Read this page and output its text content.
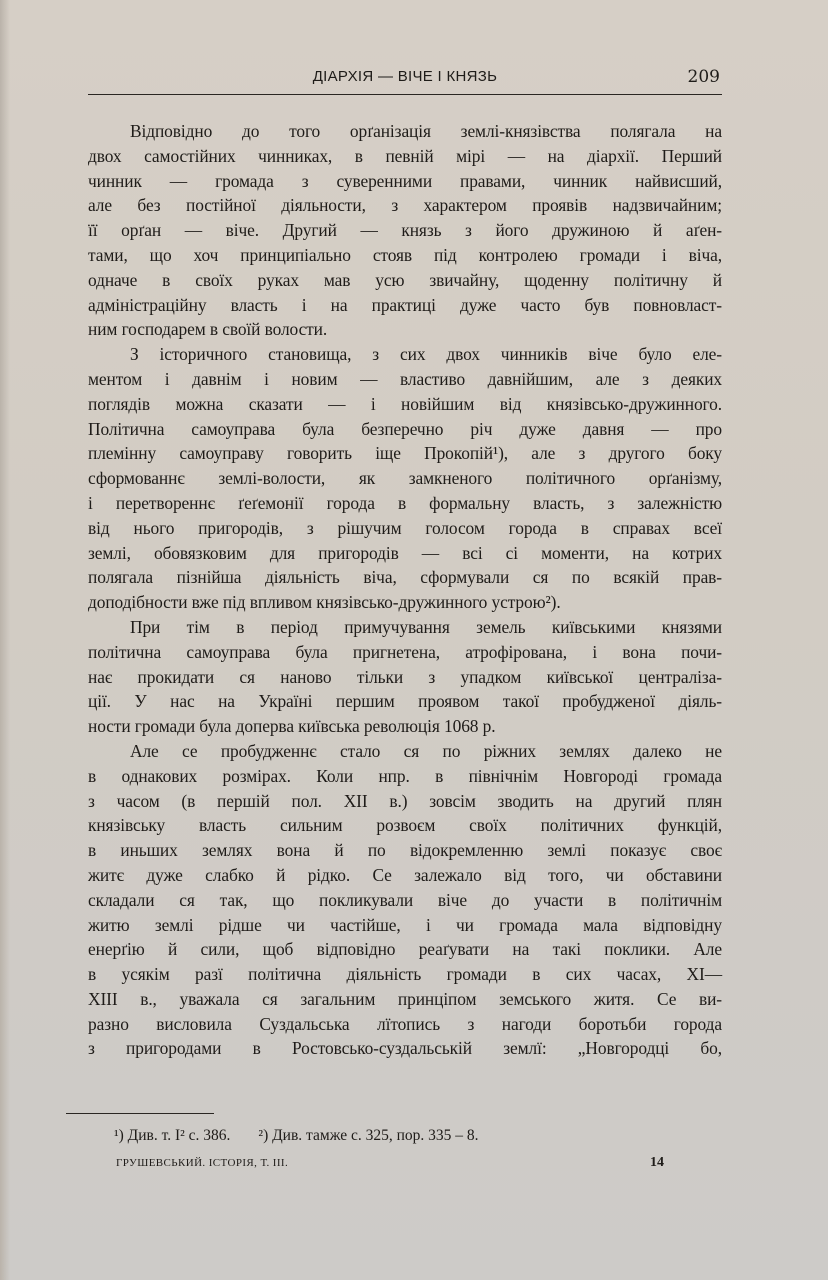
ДІАРХІЯ — ВІЧЕ І КНЯЗЬ	209
Відповідно до того орґанізація землі-князівства полягала на
двох самостійних чинниках, в певній мірі — на діархії. Перший
чинник — громада з суверенними правами, чинник найвисший,
але без постійної діяльности, з характером проявів надзвичайним;
її орґан — віче. Другий — князь з його дружиною й аґен-
тами, що хоч принципіально стояв під контролею громади і віча,
одначе в своїх руках мав усю звичайну, щоденну політичну й
адміністраційну власть і на практиці дуже часто був повновласт-
ним господарем в своїй волости.
З історичного становища, з сих двох чинників віче було еле-
ментом і давнім і новим — властиво давнійшим, але з деяких
поглядів можна сказати — і новійшим від князівсько-дружинного.
Політична самоуправа була безперечно річ дуже давня — про
племінну самоуправу говорить іще Прокопій¹), але з другого боку
сформованнє землі-волости, як замкненого політичного орґанізму,
і перетвореннє ґеґемонії города в формальну власть, з залежністю
від нього пригородів, з рішучим голосом города в справах всеї
землі, обовязковим для пригородів — всі сі моменти, на котрих
полягала пізнійша діяльність віча, сформували ся по всякій прав-
доподібности вже під впливом князівсько-дружинного устрою²).
При тім в період примучування земель київськими князями
політична самоуправа була пригнетена, атрофірована, і вона почи-
нає прокидати ся наново тільки з упадком київської централіза-
ції. У нас на Україні першим проявом такої пробудженої діяль-
ности громади була доперва київська революція 1068 р.
Але се пробудженнє стало ся по ріжних землях далеко не
в однакових розмірах. Коли нпр. в північнім Новгороді громада
з часом (в першій пол. XII в.) зовсім зводить на другий плян
князівську власть сильним розвоєм своїх політичних функцій,
в иньших землях вона й по відокремленню землі показує своє
житє дуже слабко й рідко. Се залежало від того, чи обставини
складали ся так, що покликували віче до участи в політичнім
житю землі рідше чи частійше, і чи громада мала відповідну
енерґію й сили, щоб відповідно реаґувати на такі поклики. Але
в усякім разї політична діяльність громади в сих часах, XI—
XIII в., уважала ся загальним принціпом земського житя. Се ви-
разно висловила Суздальська лїтопись з нагоди боротьби города
з пригородами в Ростовсько-суздальській землї: „Новгородці бо,
¹) Див. т. І² с. 386. ²) Див. тамже с. 325, пор. 335 – 8.
ГРУШЕВСЬКИЙ. ІСТОРІЯ, Т. ІІІ.	14
